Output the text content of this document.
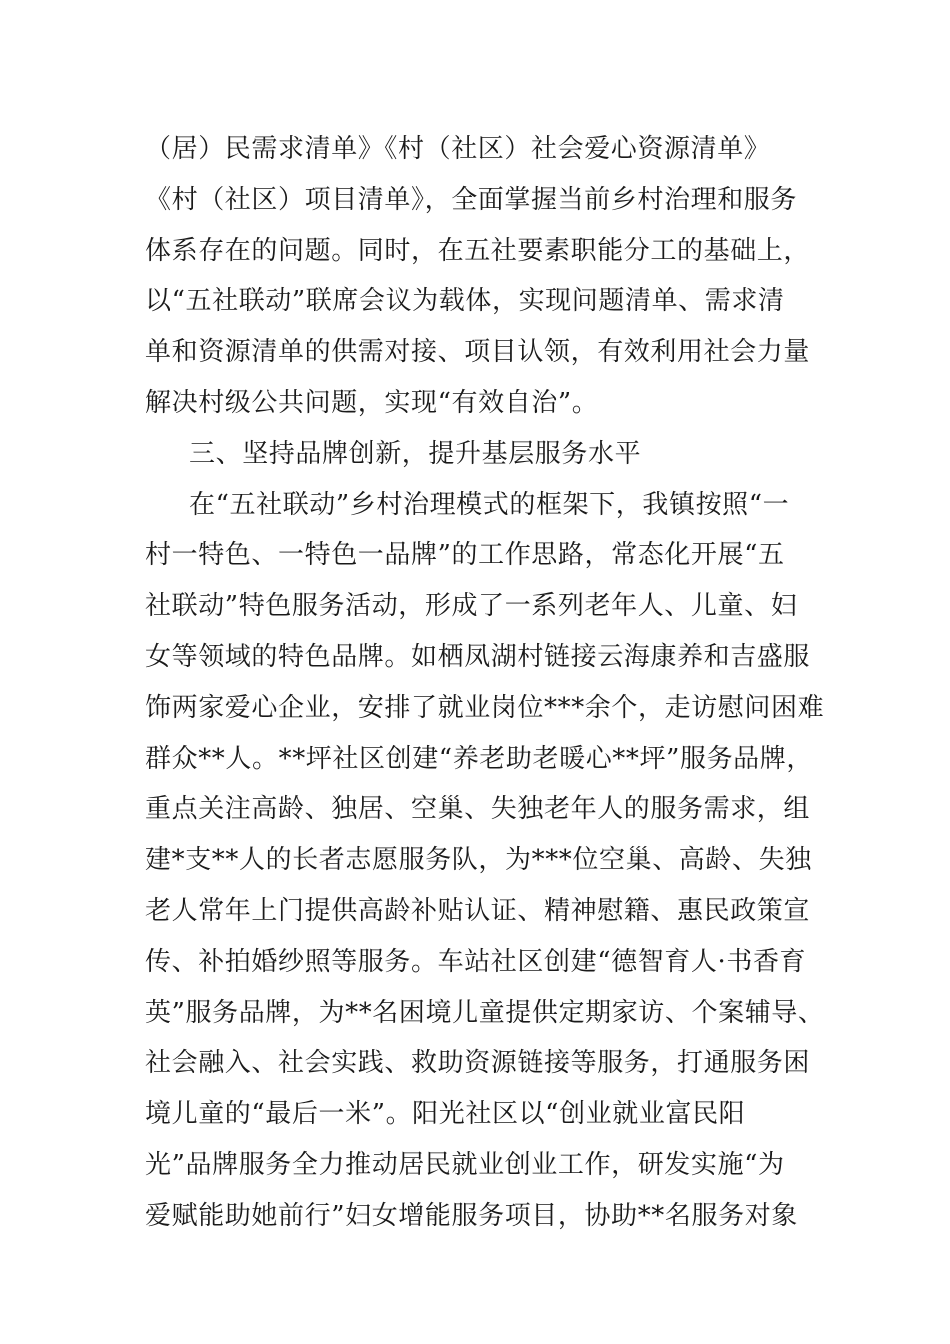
（居）民需求清单》《村（社区）社会爱心资源清单》
《村（社区）项目清单》，全面掌握当前乡村治理和服务
体系存在的问题。同时，在五社要素职能分工的基础上，
以“五社联动”联席会议为载体，实现问题清单、需求清
单和资源清单的供需对接、项目认领，有效利用社会力量
解决村级公共问题，实现“有效自治”。
三、坚持品牌创新，提升基层服务水平
在“五社联动”乡村治理模式的框架下，我镇按照“一
村一特色、一特色一品牌”的工作思路，常态化开展“五
社联动”特色服务活动，形成了一系列老年人、儿童、妇
女等领域的特色品牌。如栖凤湖村链接云海康养和吉盛服
饰两家爱心企业，安排了就业岗位***余个，走访慰问困难
群众**人。**坪社区创建“养老助老暖心**坪”服务品牌，
重点关注高龄、独居、空巢、失独老年人的服务需求，组
建*支**人的长者志愿服务队，为***位空巢、高龄、失独
老人常年上门提供高龄补贴认证、精神慰籍、惠民政策宣
传、补拍婚纱照等服务。车站社区创建“德智育人·书香育
英”服务品牌，为**名困境儿童提供定期家访、个案辅导、
社会融入、社会实践、救助资源链接等服务，打通服务困
境儿童的“最后一米”。阳光社区以“创业就业富民阳
光”品牌服务全力推动居民就业创业工作，研发实施“为
爱赋能助她前行”妇女增能服务项目，协助**名服务对象
